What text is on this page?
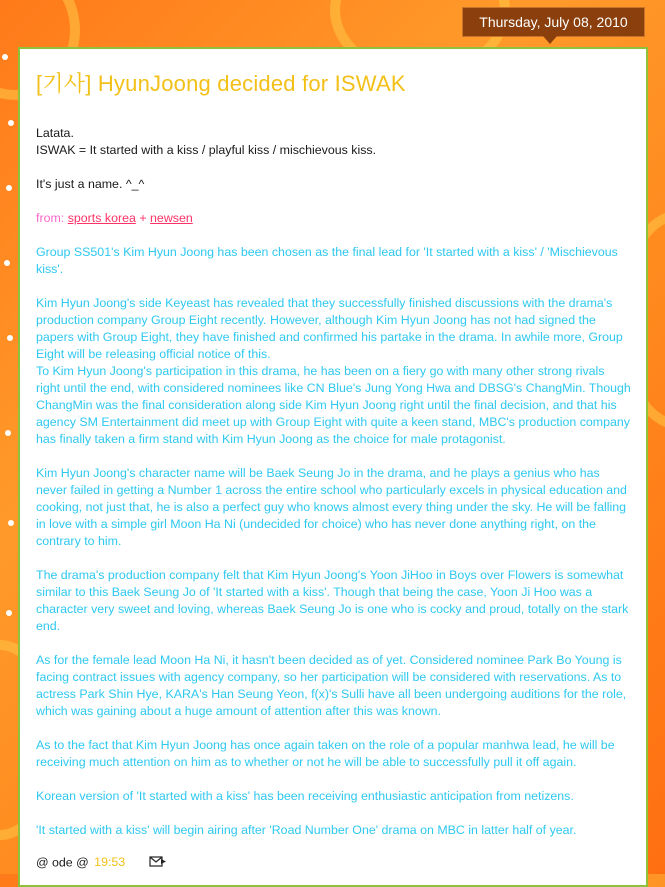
Thursday, July 08, 2010
[기사] HyunJoong decided for ISWAK

Latata.

ISWAK = It started with a kiss / playful kiss / mischievous kiss.

It's just a name. ^_^

from: sports korea + newsen

Group SS501's Kim Hyun Joong has been chosen as the final lead for 'It started with a kiss' / 'Mischievous kiss'.

Kim Hyun Joong's side Keyeast has revealed that they successfully finished discussions with the drama's production company Group Eight recently. However, although Kim Hyun Joong has not had signed the papers with Group Eight, they have finished and confirmed his partake in the drama. In awhile more, Group Eight will be releasing official notice of this.

To Kim Hyun Joong's participation in this drama, he has been on a fiery go with many other strong rivals right until the end, with considered nominees like CN Blue's Jung Yong Hwa and DBSG's ChangMin. Though ChangMin was the final consideration along side Kim Hyun Joong right until the final decision, and that his agency SM Entertainment did meet up with Group Eight with quite a keen stand, MBC's production company has finally taken a firm stand with Kim Hyun Joong as the choice for male protagonist.

Kim Hyun Joong's character name will be Baek Seung Jo in the drama, and he plays a genius who has never failed in getting a Number 1 across the entire school who particularly excels in physical education and cooking, not just that, he is also a perfect guy who knows almost every thing under the sky. He will be falling in love with a simple girl Moon Ha Ni (undecided for choice) who has never done anything right, on the contrary to him.

The drama's production company felt that Kim Hyun Joong's Yoon JiHoo in Boys over Flowers is somewhat similar to this Baek Seung Jo of 'It started with a kiss'. Though that being the case, Yoon Ji Hoo was a character very sweet and loving, whereas Baek Seung Jo is one who is cocky and proud, totally on the stark end.

As for the female lead Moon Ha Ni, it hasn't been decided as of yet. Considered nominee Park Bo Young is facing contract issues with agency company, so her participation will be considered with reservations. As to actress Park Shin Hye, KARA's Han Seung Yeon, f(x)'s Sulli have all been undergoing auditions for the role, which was gaining about a huge amount of attention after this was known.

As to the fact that Kim Hyun Joong has once again taken on the role of a popular manhwa lead, he will be receiving much attention on him as to whether or not he will be able to successfully pull it off again.

Korean version of 'It started with a kiss' has been receiving enthusiastic anticipation from netizens.

'It started with a kiss' will begin airing after 'Road Number One' drama on MBC in latter half of year.

@ ode @ 19:53
